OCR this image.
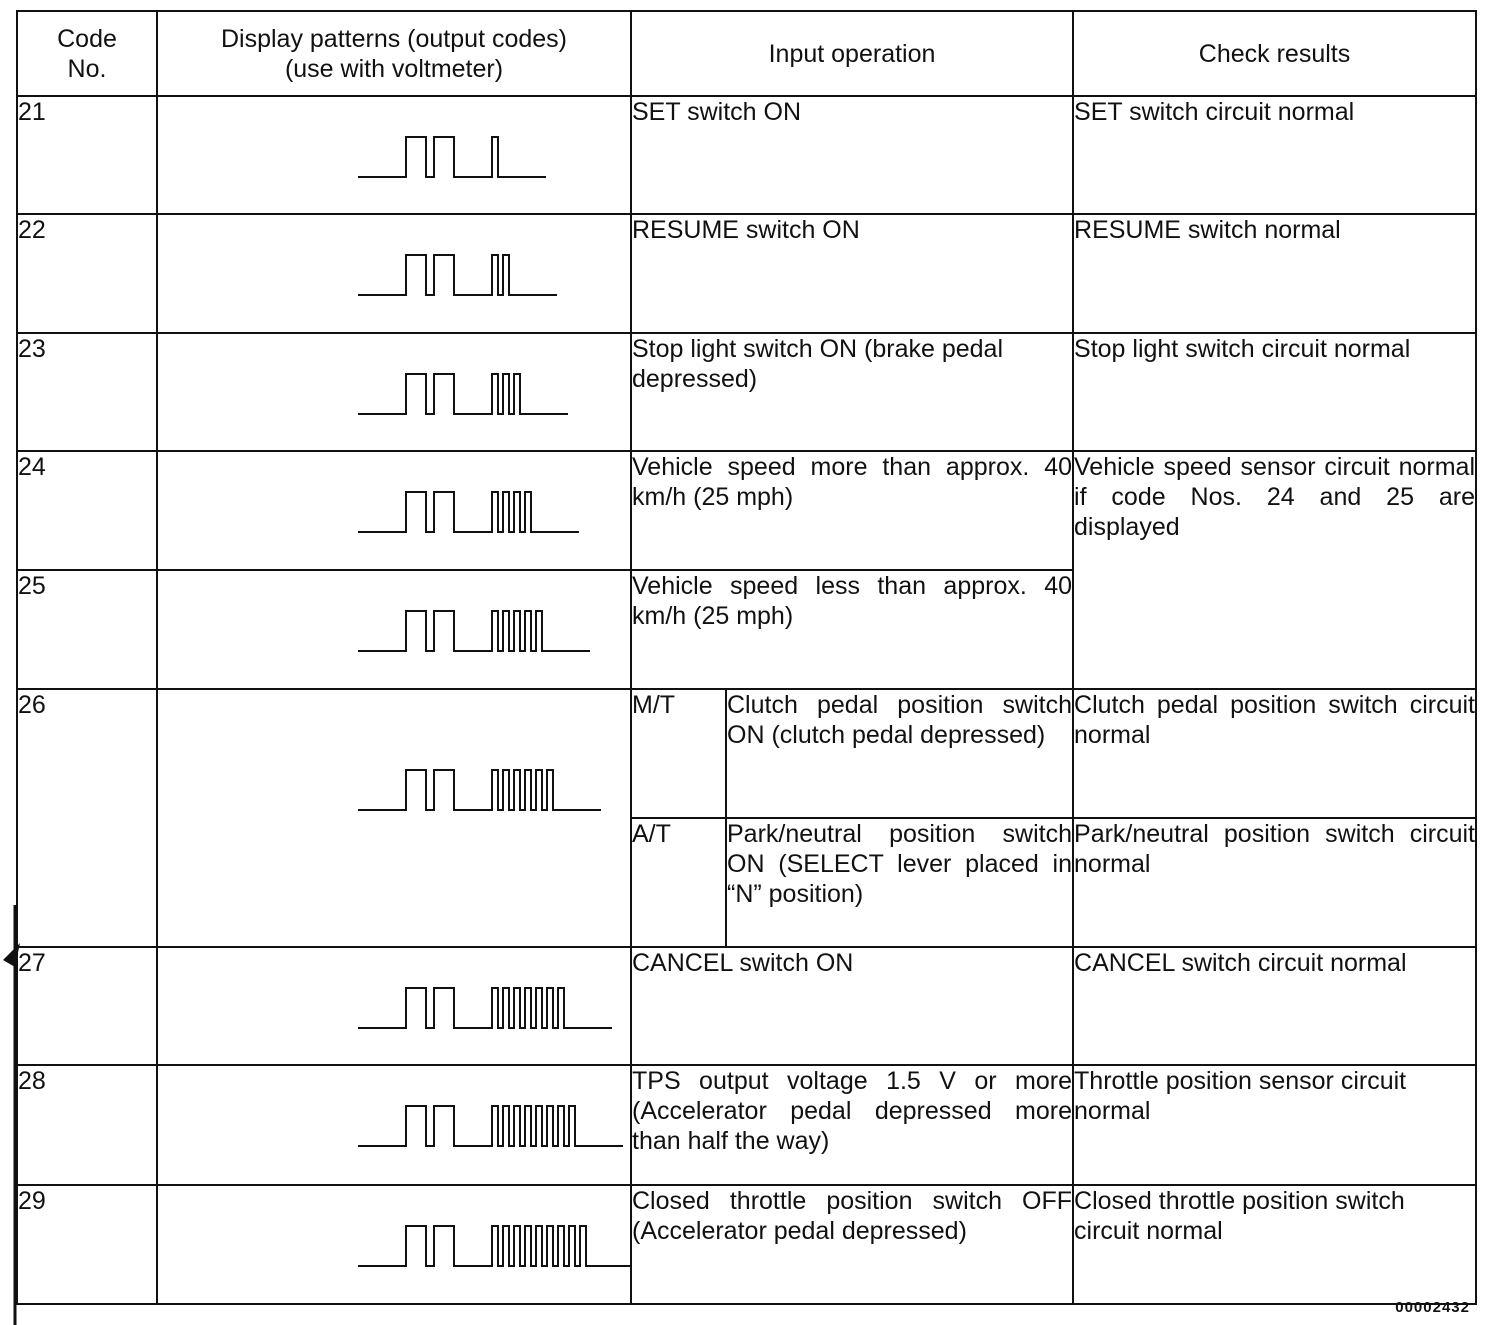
Code No.	Display patterns (output codes) (use with voltmeter)	Input operation		Check results
21		SET switch ON		SET switch circuit normal
22		RESUME switch ON		RESUME switch normal
23		Stop light switch ON (brake pedal depressed)		Stop light switch circuit normal
24		Vehicle speed more than approx. 40 km/h (25 mph)		Vehicle speed sensor circuit normal if code Nos. 24 and 25 are displayed
25		Vehicle speed less than approx. 40 km/h (25 mph)		
26		M/T	Clutch pedal position switch ON (clutch pedal depressed)	Clutch pedal position switch circuit normal
		A/T	Park/neutral position switch ON (SELECT lever placed in “N” position)	Park/neutral position switch circuit normal
27		CANCEL switch ON		CANCEL switch circuit normal
28		TPS output voltage 1.5 V or more (Accelerator pedal depressed more than half the way)		Throttle position sensor circuit normal
29		Closed throttle position switch OFF (Accelerator pedal depressed)		Closed throttle position switch circuit normal
00002432
